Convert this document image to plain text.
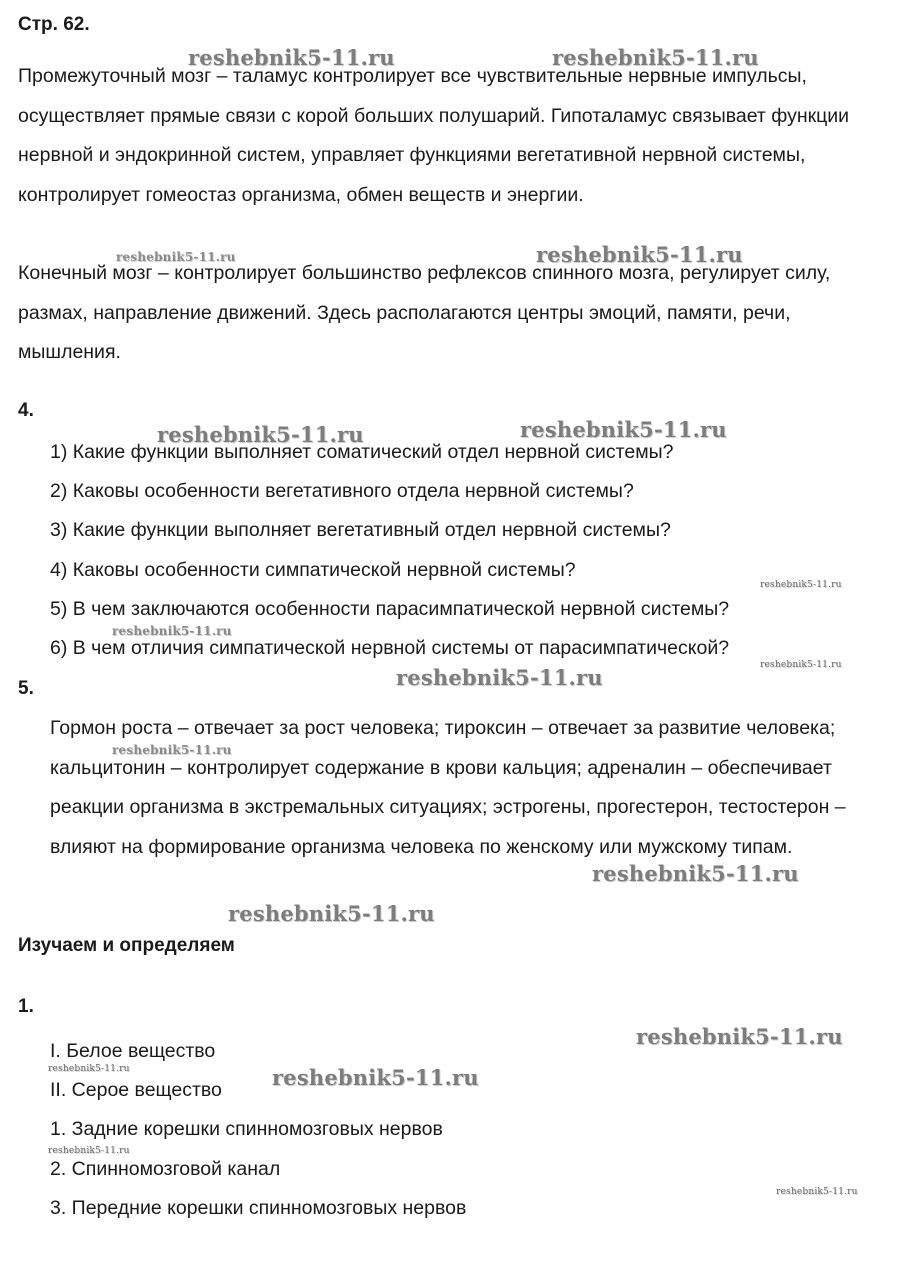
Стр. 62.

Промежуточный мозг – таламус контролирует все чувствительные нервные импульсы, осуществляет прямые связи с корой больших полушарий. Гипоталамус связывает функции нервной и эндокринной систем, управляет функциями вегетативной нервной системы, контролирует гомеостаз организма, обмен веществ и энергии.

Конечный мозг – контролирует большинство рефлексов спинного мозга, регулирует силу, размах, направление движений. Здесь располагаются центры эмоций, памяти, речи, мышления.

4.
1) Какие функции выполняет соматический отдел нервной системы?
2) Каковы особенности вегетативного отдела нервной системы?
3) Какие функции выполняет вегетативный отдел нервной системы?
4) Каковы особенности симпатической нервной системы?
5) В чем заключаются особенности парасимпатической нервной системы?
6) В чем отличия симпатической нервной системы от парасимпатической?
5.

Гормон роста – отвечает за рост человека; тироксин – отвечает за развитие человека; кальцитонин – контролирует содержание в крови кальция; адреналин – обеспечивает реакции организма в экстремальных ситуациях; эстрогены, прогестерон, тестостерон – влияют на формирование организма человека по женскому или мужскому типам.

Изучаем и определяем
1.
I. Белое вещество
II. Серое вещество
1. Задние корешки спинномозговых нервов
2. Спинномозговой канал
3. Передние корешки спинномозговых нервов
reshebnik5-11.ru	reshebnik5-11.ru
reshebnik5-11.ru	reshebnik5-11.ru
reshebnik5-11.ru	reshebnik5-11.ru
reshebnik5-11.ru
reshebnik5-11.ru
reshebnik5-11.ru
reshebnik5-11.ru
reshebnik5-11.ru
reshebnik5-11.ru
reshebnik5-11.ru
reshebnik5-11.ru
reshebnik5-11.ru	reshebnik5-11.ru
reshebnik5-11.ru
reshebnik5-11.ru
